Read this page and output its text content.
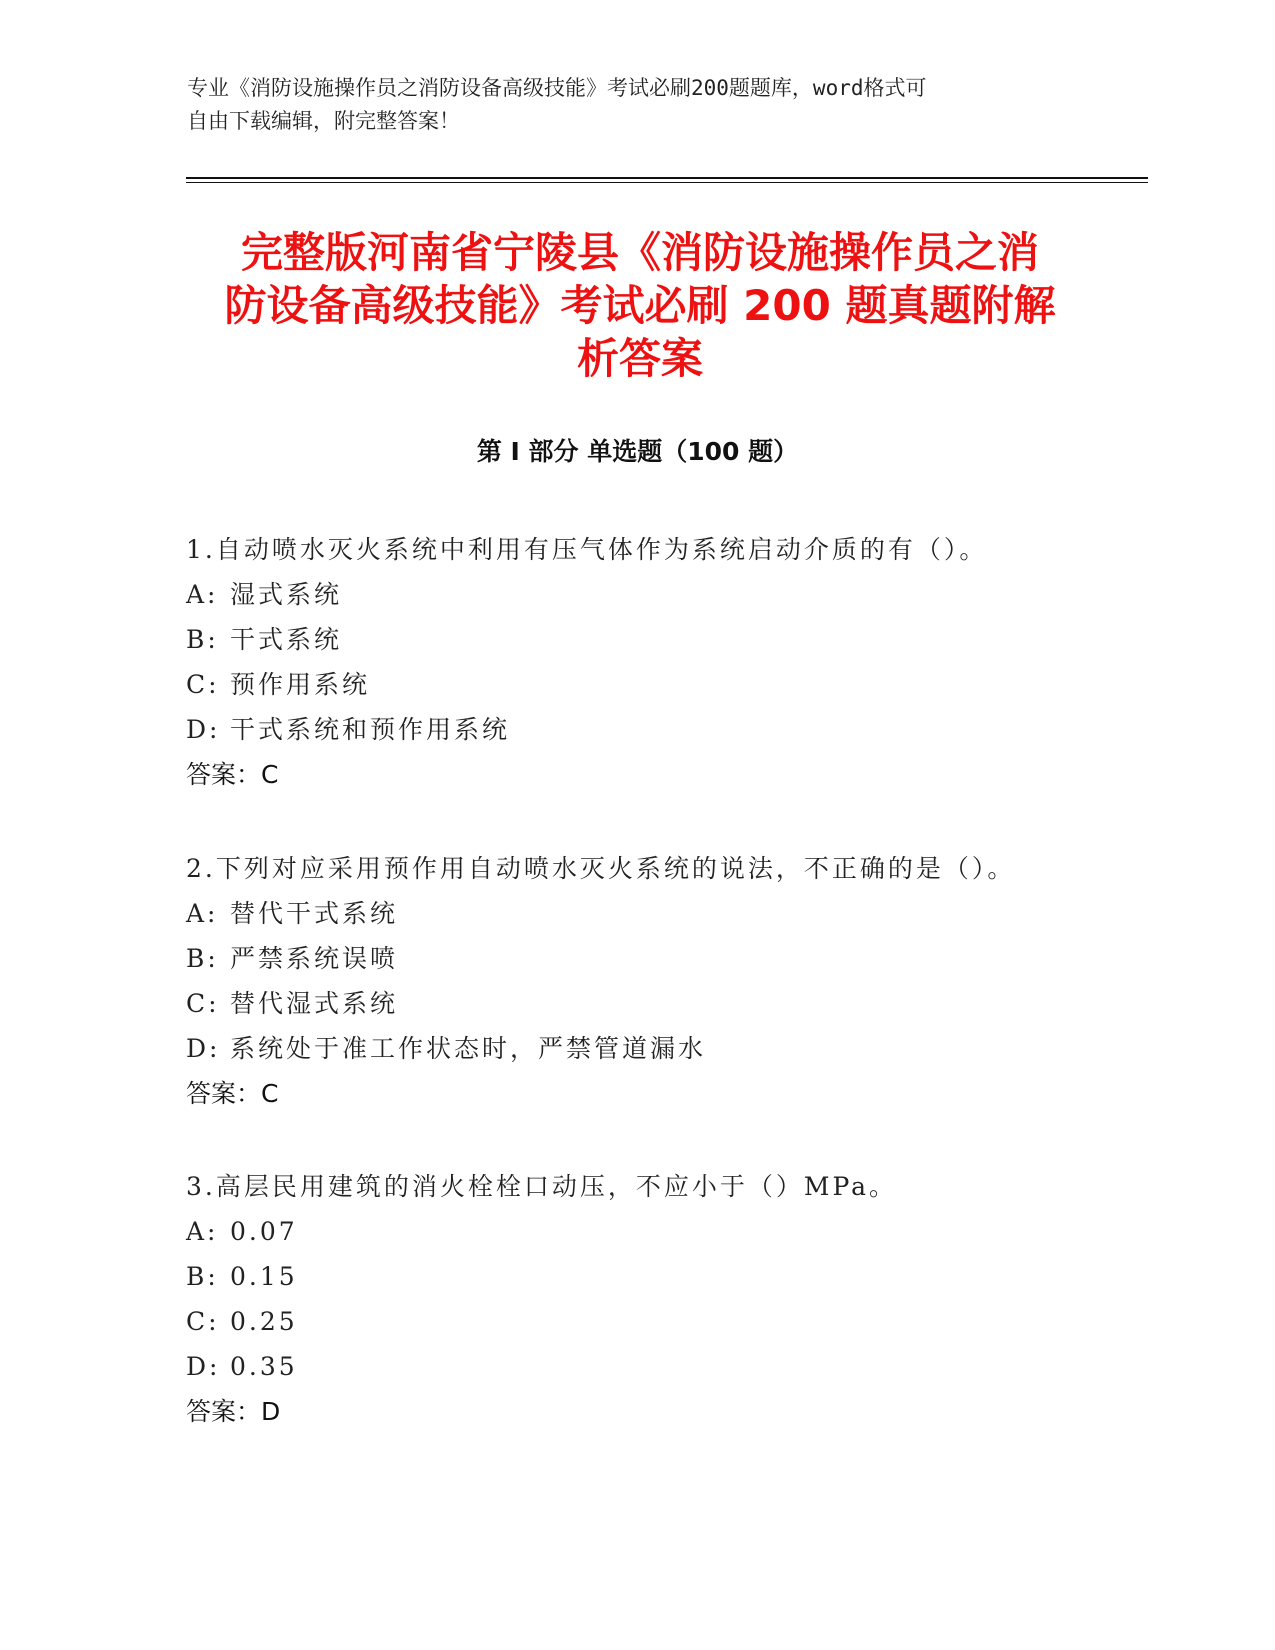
专业《消防设施操作员之消防设备高级技能》考试必刷200题题库，word格式可
自由下载编辑，附完整答案！
完整版河南省宁陵县《消防设施操作员之消
防设备高级技能》考试必刷 200 题真题附解
析答案
第 I 部分 单选题（100 题）
1.自动喷水灭火系统中利用有压气体作为系统启动介质的有（）。
A: 湿式系统
B: 干式系统
C: 预作用系统
D: 干式系统和预作用系统
答案：C
2.下列对应采用预作用自动喷水灭火系统的说法，不正确的是（）。
A: 替代干式系统
B: 严禁系统误喷
C: 替代湿式系统
D: 系统处于准工作状态时，严禁管道漏水
答案：C
3.高层民用建筑的消火栓栓口动压，不应小于（）MPa。
A: 0.07
B: 0.15
C: 0.25
D: 0.35
答案：D
